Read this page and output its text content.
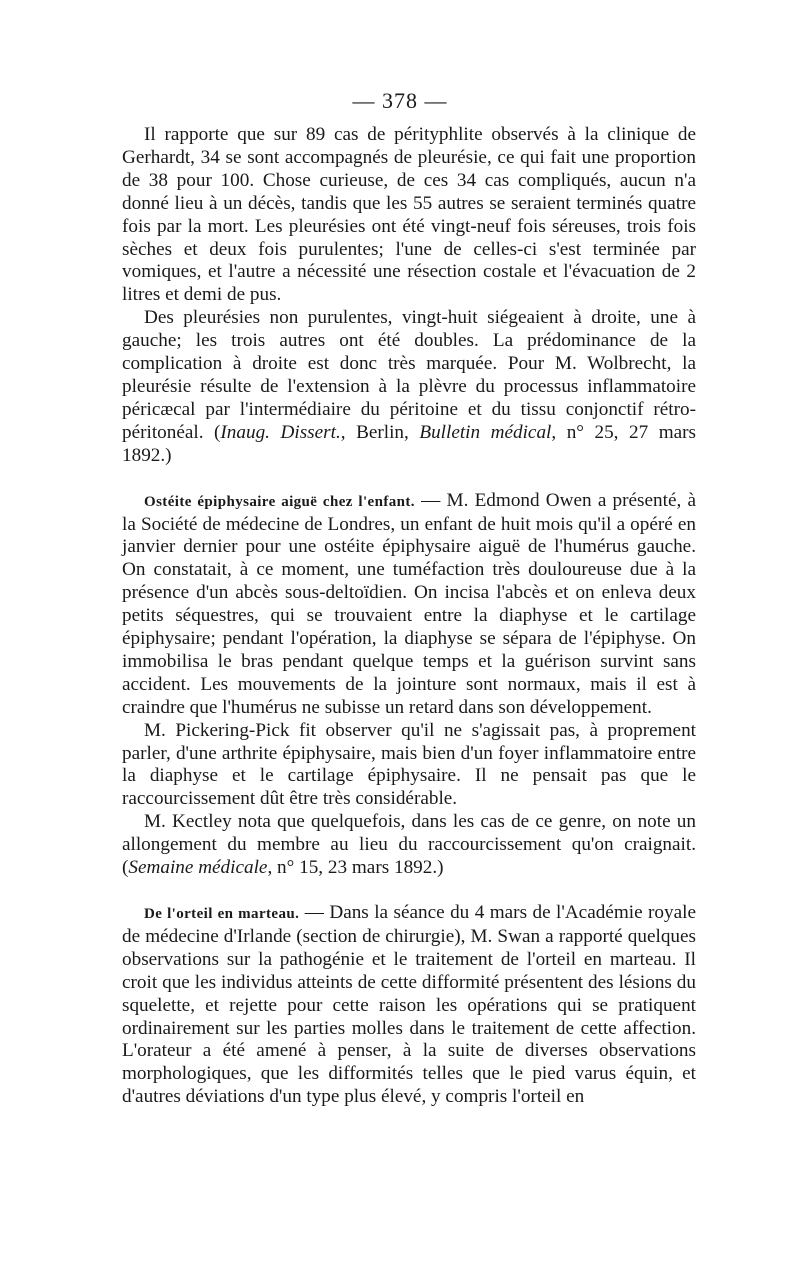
— 378 —

Il rapporte que sur 89 cas de pérityphlite observés à la clinique de Gerhardt, 34 se sont accompagnés de pleurésie, ce qui fait une proportion de 38 pour 100. Chose curieuse, de ces 34 cas compliqués, aucun n'a donné lieu à un décès, tandis que les 55 autres se seraient terminés quatre fois par la mort. Les pleurésies ont été vingt-neuf fois séreuses, trois fois sèches et deux fois purulentes; l'une de celles-ci s'est terminée par vomiques, et l'autre a nécessité une résection costale et l'évacuation de 2 litres et demi de pus.

Des pleurésies non purulentes, vingt-huit siégeaient à droite, une à gauche; les trois autres ont été doubles. La prédominance de la complication à droite est donc très marquée. Pour M. Wolbrecht, la pleurésie résulte de l'extension à la plèvre du processus inflammatoire péricæcal par l'intermédiaire du péritoine et du tissu conjonctif rétro-péritonéal. (Inaug. Dissert., Berlin, Bulletin médical, n° 25, 27 mars 1892.)

Ostéite épiphysaire aiguë chez l'enfant. — M. Edmond Owen a présenté, à la Société de médecine de Londres, un enfant de huit mois qu'il a opéré en janvier dernier pour une ostéite épiphysaire aiguë de l'humérus gauche. On constatait, à ce moment, une tuméfaction très douloureuse due à la présence d'un abcès sous-deltoïdien. On incisa l'abcès et on enleva deux petits séquestres, qui se trouvaient entre la diaphyse et le cartilage épiphysaire; pendant l'opération, la diaphyse se sépara de l'épiphyse. On immobilisa le bras pendant quelque temps et la guérison survint sans accident. Les mouvements de la jointure sont normaux, mais il est à craindre que l'humérus ne subisse un retard dans son développement.

M. Pickering-Pick fit observer qu'il ne s'agissait pas, à proprement parler, d'une arthrite épiphysaire, mais bien d'un foyer inflammatoire entre la diaphyse et le cartilage épiphysaire. Il ne pensait pas que le raccourcissement dût être très considérable.

M. Kectley nota que quelquefois, dans les cas de ce genre, on note un allongement du membre au lieu du raccourcissement qu'on craignait. (Semaine médicale, n° 15, 23 mars 1892.)

De l'orteil en marteau. — Dans la séance du 4 mars de l'Académie royale de médecine d'Irlande (section de chirurgie), M. Swan a rapporté quelques observations sur la pathogénie et le traitement de l'orteil en marteau. Il croit que les individus atteints de cette difformité présentent des lésions du squelette, et rejette pour cette raison les opérations qui se pratiquent ordinairement sur les parties molles dans le traitement de cette affection. L'orateur a été amené à penser, à la suite de diverses observations morphologiques, que les difformités telles que le pied varus équin, et d'autres déviations d'un type plus élevé, y compris l'orteil en
